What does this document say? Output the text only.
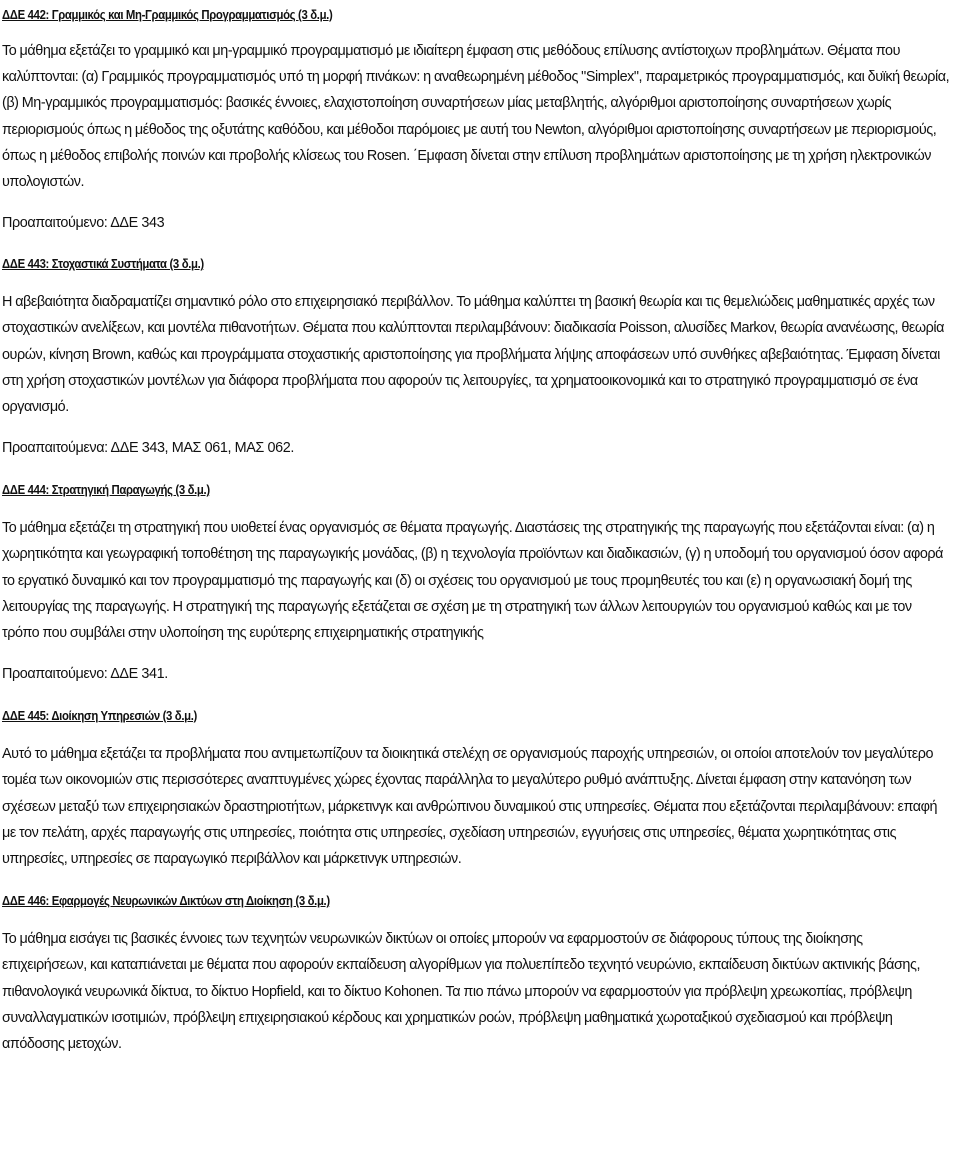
ΔΔΕ 442: Γραμμικός και Μη-Γραμμικός Προγραμματισμός (3 δ.μ.)

Το μάθημα εξετάζει το γραμμικό και μη-γραμμικό προγραμματισμό με ιδιαίτερη έμφαση στις μεθόδους επίλυσης αντίστοιχων προβλημάτων. Θέματα που καλύπτονται: (α) Γραμμικός προγραμματισμός υπό τη μορφή πινάκων: η αναθεωρημένη μέθοδος "Simplex", παραμετρικός προγραμματισμός, και δυϊκή θεωρία, (β) Μη-γραμμικός προγραμματισμός: βασικές έννοιες, ελαχιστοποίηση συναρτήσεων μίας μεταβλητής, αλγόριθμοι αριστοποίησης συναρτήσεων χωρίς περιορισμούς όπως η μέθοδος της οξυτάτης καθόδου, και μέθοδοι παρόμοιες με αυτή του Newton, αλγόριθμοι αριστοποίησης συναρτήσεων με περιορισμούς, όπως η μέθοδος επιβολής ποινών και προβολής κλίσεως του Rosen. ΄Εμφαση δίνεται στην επίλυση προβλημάτων αριστοποίησης με τη χρήση ηλεκτρονικών υπολογιστών.

Προαπαιτούμενο: ΔΔΕ 343

ΔΔΕ 443: Στοχαστικά Συστήματα (3 δ.μ.)

Η αβεβαιότητα διαδραματίζει σημαντικό ρόλο στο επιχειρησιακό περιβάλλον. Το μάθημα καλύπτει τη βασική θεωρία και τις θεμελιώδεις μαθηματικές αρχές των στοχαστικών ανελίξεων, και μοντέλα πιθανοτήτων. Θέματα που καλύπτονται περιλαμβάνουν: διαδικασία Poisson, αλυσίδες Markov, θεωρία ανανέωσης, θεωρία ουρών, κίνηση Brown, καθώς και προγράμματα στοχαστικής αριστοποίησης για προβλήματα λήψης αποφάσεων υπό συνθήκες αβεβαιότητας. Έμφαση δίνεται στη χρήση στοχαστικών μοντέλων για διάφορα προβλήματα που αφορούν τις λειτουργίες, τα χρηματοοικονομικά και το στρατηγικό προγραμματισμό σε ένα οργανισμό.

Προαπαιτούμενα: ΔΔΕ 343, ΜΑΣ 061, ΜΑΣ 062.

ΔΔΕ 444: Στρατηγική Παραγωγής (3 δ.μ.)

Το μάθημα εξετάζει τη στρατηγική που υιοθετεί ένας οργανισμός σε θέματα πραγωγής. Διαστάσεις της στρατηγικής της παραγωγής που εξετάζονται είναι: (α) η χωρητικότητα και γεωγραφική τοποθέτηση της παραγωγικής μονάδας, (β) η τεχνολογία προϊόντων και διαδικασιών, (γ) η υποδομή του οργανισμού όσον αφορά το εργατικό δυναμικό και τον προγραμματισμό της παραγωγής και (δ) οι σχέσεις του οργανισμού με τους προμηθευτές του και (ε) η οργανωσιακή δομή της λειτουργίας της παραγωγής. Η στρατηγική της παραγωγής εξετάζεται σε σχέση με τη στρατηγική των άλλων λειτουργιών του οργανισμού καθώς και με τον τρόπο που συμβάλει στην υλοποίηση της ευρύτερης επιχειρηματικής στρατηγικής

Προαπαιτούμενο: ΔΔΕ 341.

ΔΔΕ 445: Διοίκηση Υπηρεσιών (3 δ.μ.)

Αυτό το μάθημα εξετάζει τα προβλήματα που αντιμετωπίζουν τα διοικητικά στελέχη σε οργανισμούς παροχής υπηρεσιών, οι οποίοι αποτελούν τον μεγαλύτερο τομέα των οικονομιών στις περισσότερες αναπτυγμένες χώρες έχοντας παράλληλα το μεγαλύτερο ρυθμό ανάπτυξης. Δίνεται έμφαση στην κατανόηση των σχέσεων μεταξύ των επιχειρησιακών δραστηριοτήτων, μάρκετινγκ και ανθρώπινου δυναμικού στις υπηρεσίες. Θέματα που εξετάζονται περιλαμβάνουν: επαφή με τον πελάτη, αρχές παραγωγής στις υπηρεσίες, ποιότητα στις υπηρεσίες, σχεδίαση υπηρεσιών, εγγυήσεις στις υπηρεσίες, θέματα χωρητικότητας στις υπηρεσίες, υπηρεσίες σε παραγωγικό περιβάλλον και μάρκετινγκ υπηρεσιών.

ΔΔΕ 446: Εφαρμογές Νευρωνικών Δικτύων στη Διοίκηση (3 δ.μ.)

Το μάθημα εισάγει τις βασικές έννοιες των τεχνητών νευρωνικών δικτύων οι οποίες μπορούν να εφαρμοστούν σε διάφορους τύπους της διοίκησης επιχειρήσεων, και καταπιάνεται με θέματα που αφορούν εκπαίδευση αλγορίθμων για πολυεπίπεδο τεχνητό νευρώνιο, εκπαίδευση δικτύων ακτινικής βάσης, πιθανολογικά νευρωνικά δίκτυα, το δίκτυο Hopfield, και το δίκτυο Kohonen. Τα πιο πάνω μπορούν να εφαρμοστούν για πρόβλεψη χρεωκοπίας, πρόβλεψη συναλλαγματικών ισοτιμιών, πρόβλεψη επιχειρησιακού κέρδους και χρηματικών ροών, πρόβλεψη μαθηματικά χωροταξικού σχεδιασμού και πρόβλεψη απόδοσης μετοχών.
